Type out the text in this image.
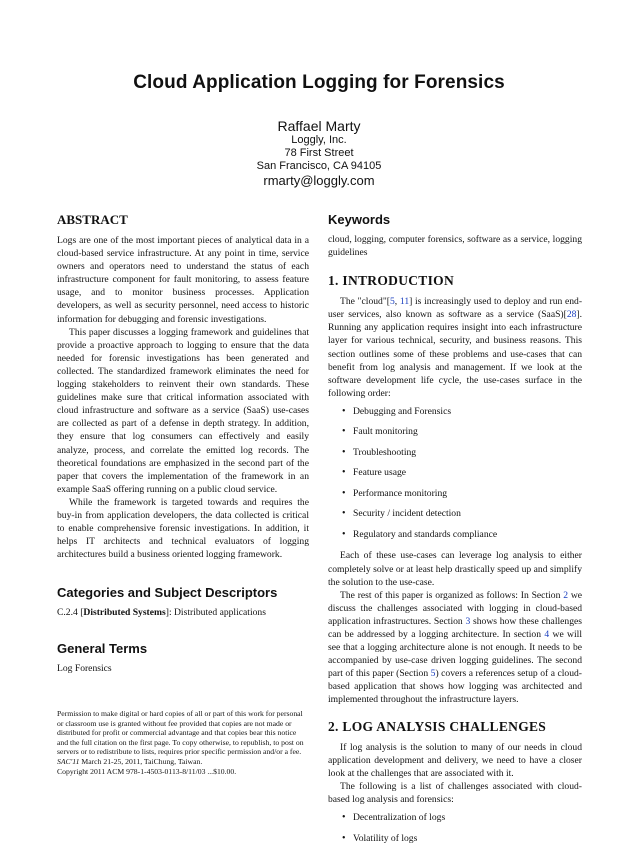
Cloud Application Logging for Forensics
Raffael Marty
Loggly, Inc.
78 First Street
San Francisco, CA 94105
rmarty@loggly.com
ABSTRACT

Logs are one of the most important pieces of analytical data in a cloud-based service infrastructure. At any point in time, service owners and operators need to understand the status of each infrastructure component for fault monitoring, to assess feature usage, and to monitor business processes. Application developers, as well as security personnel, need access to historic information for debugging and forensic investigations.

This paper discusses a logging framework and guidelines that provide a proactive approach to logging to ensure that the data needed for forensic investigations has been generated and collected. The standardized framework eliminates the need for logging stakeholders to reinvent their own standards. These guidelines make sure that critical information associated with cloud infrastructure and software as a service (SaaS) use-cases are collected as part of a defense in depth strategy. In addition, they ensure that log consumers can effectively and easily analyze, process, and correlate the emitted log records. The theoretical foundations are emphasized in the second part of the paper that covers the implementation of the framework in an example SaaS offering running on a public cloud service.

While the framework is targeted towards and requires the buy-in from application developers, the data collected is critical to enable comprehensive forensic investigations. In addition, it helps IT architects and technical evaluators of logging architectures build a business oriented logging framework.

Categories and Subject Descriptors

C.2.4 [Distributed Systems]: Distributed applications

General Terms

Log Forensics

Permission to make digital or hard copies of all or part of this work for personal or classroom use is granted without fee provided that copies are not made or distributed for profit or commercial advantage and that copies bear this notice and the full citation on the first page. To copy otherwise, to republish, to post on servers or to redistribute to lists, requires prior specific permission and/or a fee.

SAC'11 March 21-25, 2011, TaiChung, Taiwan.

Copyright 2011 ACM 978-1-4503-0113-8/11/03 ...$10.00.

Keywords

cloud, logging, computer forensics, software as a service, logging guidelines

1. INTRODUCTION

The "cloud"[5, 11] is increasingly used to deploy and run end-user services, also known as software as a service (SaaS)[28]. Running any application requires insight into each infrastructure layer for various technical, security, and business reasons. This section outlines some of these problems and use-cases that can benefit from log analysis and management. If we look at the software development life cycle, the use-cases surface in the following order:

• Debugging and Forensics
• Fault monitoring
• Troubleshooting
• Feature usage
• Performance monitoring
• Security / incident detection
• Regulatory and standards compliance

Each of these use-cases can leverage log analysis to either completely solve or at least help drastically speed up and simplify the solution to the use-case.

The rest of this paper is organized as follows: In Section 2 we discuss the challenges associated with logging in cloud-based application infrastructures. Section 3 shows how these challenges can be addressed by a logging architecture. In section 4 we will see that a logging architecture alone is not enough. It needs to be accompanied by use-case driven logging guidelines. The second part of this paper (Section 5) covers a references setup of a cloud-based application that shows how logging was architected and implemented throughout the infrastructure layers.

2. LOG ANALYSIS CHALLENGES

If log analysis is the solution to many of our needs in cloud application development and delivery, we need to have a closer look at the challenges that are associated with it.

The following is a list of challenges associated with cloud-based log analysis and forensics:

• Decentralization of logs
• Volatility of logs
